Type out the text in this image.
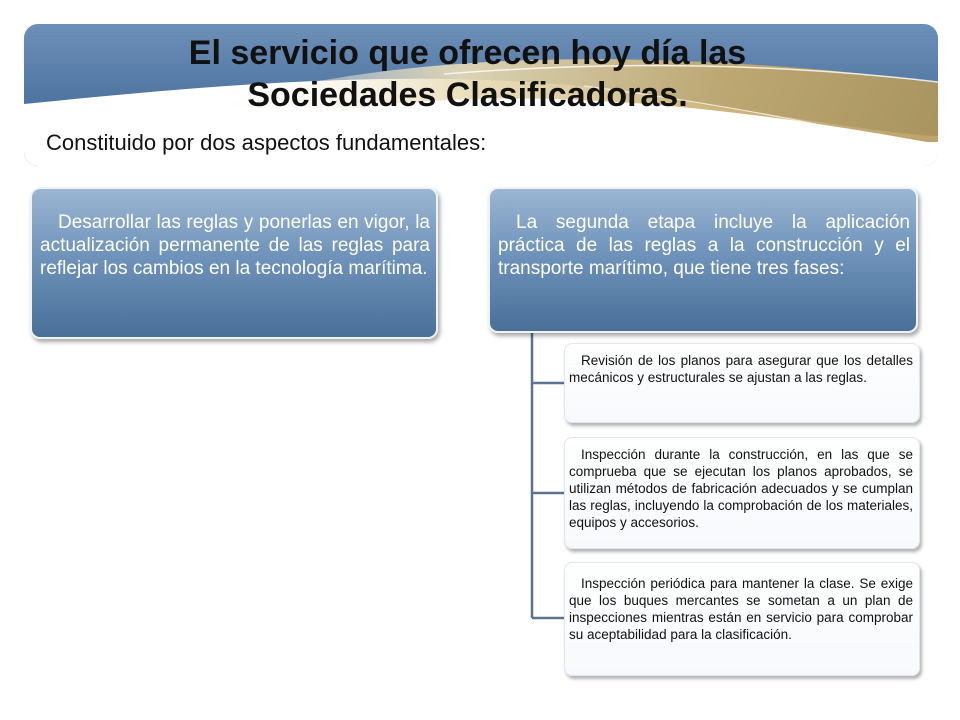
El servicio que ofrecen hoy día las Sociedades Clasificadoras.
Constituido por dos aspectos fundamentales:
Desarrollar las reglas y ponerlas en vigor, la actualización permanente de las reglas para reflejar los cambios en la tecnología marítima.
La segunda etapa incluye la aplicación práctica de las reglas a la construcción y el transporte marítimo, que tiene tres fases:
Revisión de los planos para asegurar que los detalles mecánicos y estructurales se ajustan a las reglas.
Inspección durante la construcción, en las que se comprueba que se ejecutan los planos aprobados, se utilizan métodos de fabricación adecuados y se cumplan las reglas, incluyendo la comprobación de los materiales, equipos y accesorios.
Inspección periódica para mantener la clase. Se exige que los buques mercantes se sometan a un plan de inspecciones mientras están en servicio para comprobar su aceptabilidad para la clasificación.
